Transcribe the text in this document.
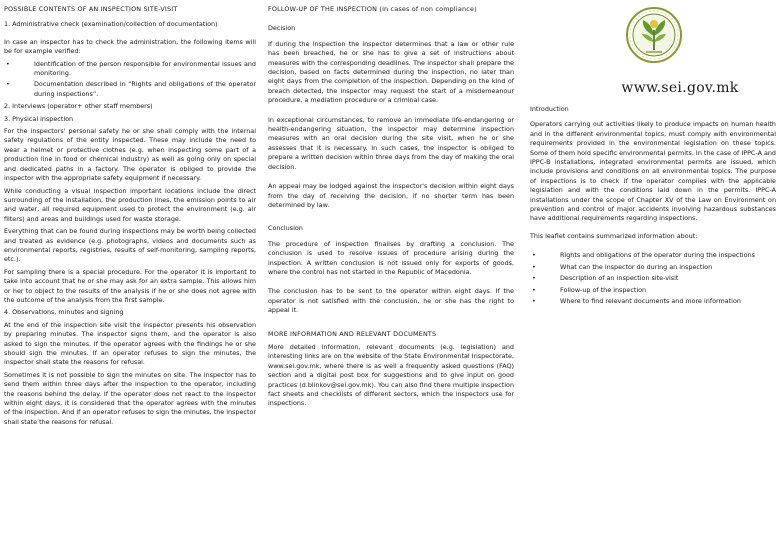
POSSIBLE CONTENTS OF AN INSPECTION SITE-VISIT

1. Administrative check (examination/collection of documentation)

In case an inspector has to check the administration, the following items will be for example verified:

•	Identification of the person responsible for environmental issues and monitoring.
•	Documentation described in “Rights and obligations of the operator during inspections”.

2. Interviews (operator+ other staff members)

3. Physical inspection

For the inspectors' personal safety he or she shall comply with the internal safety regulations of the entity inspected. These may include the need to wear a helmet or protective clothes (e.g. when inspecting some part of a production line in food or chemical industry) as well as going only on special and dedicated paths in a factory. The operator is obliged to provide the inspector with the appropriate safety equipment if necessary.

While conducting a visual inspection important locations include the direct surrounding of the installation, the production lines, the emission points to air and water, all required equipment used to protect the environment (e.g. air filters) and areas and buildings used for waste storage.

Everything that can be found during inspections may be worth being collected and treated as evidence (e.g. photographs, videos and documents such as environmental reports, registries, results of self-monitoring, sampling reports, etc.).

For sampling there is a special procedure. For the operator it is important to take into account that he or she may ask for an extra sample. This allows him or her to object to the results of the analysis if he or she does not agree with the outcome of the analysis from the first sample.

4. Observations, minutes and signing

At the end of the inspection site visit the inspector presents his observation by preparing minutes. The inspector signs them, and the operator is also asked to sign the minutes. If the operator agrees with the findings he or she should sign the minutes. If an operator refuses to sign the minutes, the inspector shall state the reasons for refusal.

Sometimes it is not possible to sign the minutes on site. The inspector has to send them within three days after the inspection to the operator, including the reasons behind the delay. If the operator does not react to the inspector within eight days, it is considered that the operator agrees with the minutes of the inspection. And if an operator refuses to sign the minutes, the inspector shall state the reasons for refusal.

FOLLOW-UP OF THE INSPECTION (in cases of non compliance)

Decision

If during the inspection the inspector determines that a law or other rule has been breached, he or she has to give a set of instructions about measures with the corresponding deadlines. The inspector shall prepare the decision, based on facts determined during the inspection, no later than eight days from the completion of the inspection. Depending on the kind of breach detected, the inspector may request the start of a misdemeanour procedure, a mediation procedure or a criminal case.

In exceptional circumstances, to remove an immediate life-endangering or health-endangering situation, the inspector may determine inspection measures with an oral decision during the site visit, when he or she assesses that it is necessary. In such cases, the inspector is obliged to prepare a written decision within three days from the day of making the oral decision.

An appeal may be lodged against the inspector's decision within eight days from the day of receiving the decision, if no shorter term has been determined by law.

Conclusion

The procedure of inspection finalises by drafting a conclusion. The conclusion is used to resolve issues of procedure arising during the inspection. A written conclusion is not issued only for exports of goods, where the control has not started in the Republic of Macedonia.

The conclusion has to be sent to the operator within eight days. If the operator is not satisfied with the conclusion, he or she has the right to appeal it.

MORE INFORMATION AND RELEVANT DOCUMENTS

More detailed information, relevant documents (e.g. legislation) and interesting links are on the website of the State Environmental Inspectorate, www.sei.gov.mk, where there is as well a frequently asked questions (FAQ) section and a digital post box for suggestions and to give input on good practices (d.blinkov@sei.gov.mk). You can also find there multiple inspection fact sheets and checklists of different sectors, which the inspectors use for inspections.

www.sei.gov.mk

Introduction

Operators carrying out activities likely to produce impacts on human health and in the different environmental topics, must comply with environmental requirements provided in the environmental legislation on these topics. Some of them hold specific environmental permits. In the case of IPPC-A and IPPC-B installations, integrated environmental permits are issued, which include provisions and conditions on all environmental topics. The purpose of inspections is to check if the operator complies with the applicable legislation and with the conditions laid down in the permits. IPPC-A installations under the scope of Chapter XV of the Law on Environment on prevention and control of major accidents involving hazardous substances have additional requirements regarding inspections.

This leaflet contains summarized information about:

•	Rights and obligations of the operator during the inspections
•	What can the inspector do during an inspection
•	Description of an inspection site-visit
•	Follow-up of the inspection
•	Where to find relevant documents and more information
